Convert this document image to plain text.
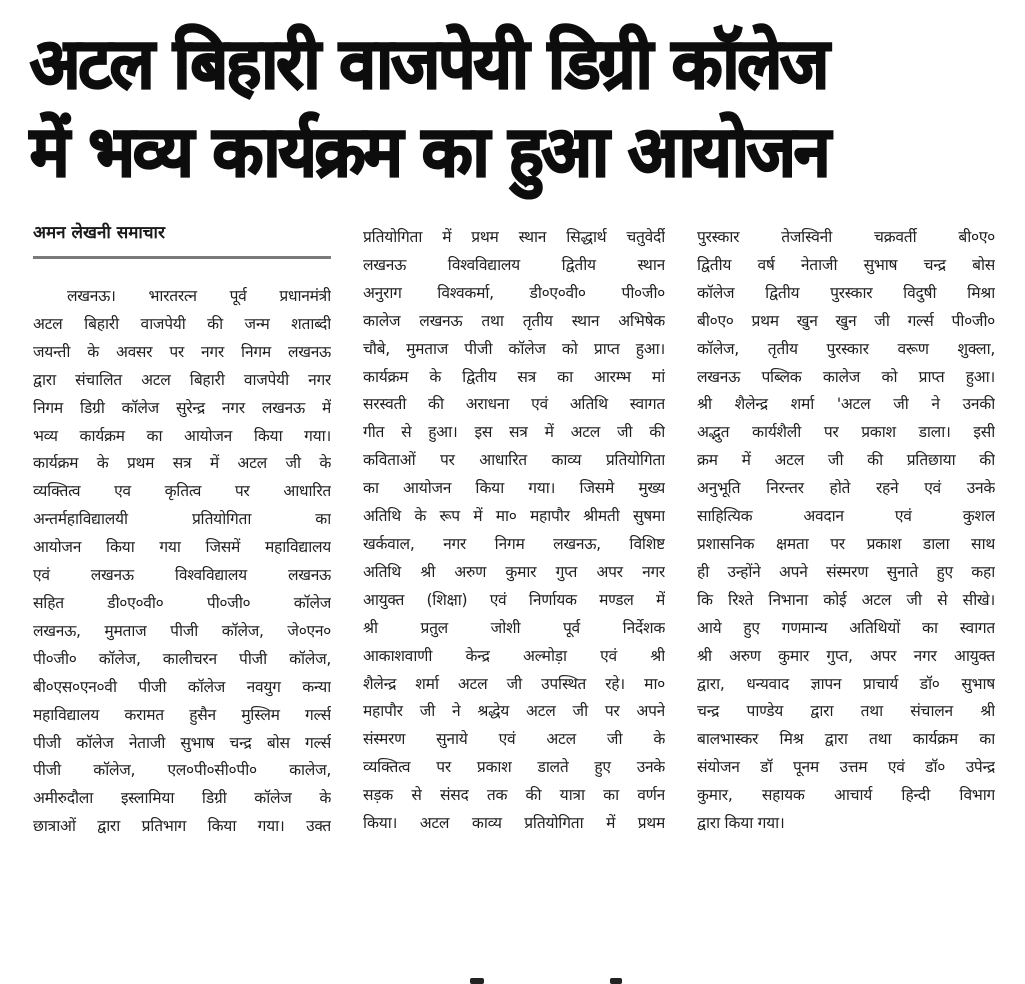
अटल बिहारी वाजपेयी डिग्री कॉलेज
में भव्य कार्यक्रम का हुआ आयोजन
अमन लेखनी समाचार
लखनऊ। भारतरत्न पूर्व प्रधानमंत्री
अटल बिहारी वाजपेयी की जन्म शताब्दी
जयन्ती के अवसर पर नगर निगम लखनऊ
द्वारा संचालित अटल बिहारी वाजपेयी नगर
निगम डिग्री कॉलेज सुरेन्द्र नगर लखनऊ में
भव्य कार्यक्रम का आयोजन किया गया।
कार्यक्रम के प्रथम सत्र में अटल जी के
व्यक्तित्व एव कृतित्व पर आधारित
अन्तर्महाविद्यालयी प्रतियोगिता का
आयोजन किया गया जिसमें महाविद्यालय
एवं लखनऊ विश्वविद्यालय लखनऊ
सहित डी०ए०वी० पी०जी० कॉलेज
लखनऊ, मुमताज पीजी कॉलेज, जे०एन०
पी०जी० कॉलेज, कालीचरन पीजी कॉलेज,
बी०एस०एन०वी पीजी कॉलेज नवयुग कन्या
महाविद्यालय करामत हुसैन मुस्लिम गर्ल्स
पीजी कॉलेज नेताजी सुभाष चन्द्र बोस गर्ल्स
पीजी कॉलेज, एल०पी०सी०पी० कालेज,
अमीरुदौला इस्लामिया डिग्री कॉलेज के
छात्राओं द्वारा प्रतिभाग किया गया। उक्त
प्रतियोगिता में प्रथम स्थान सिद्धार्थ चतुवेर्दी
लखनऊ विश्वविद्यालय द्वितीय स्थान
अनुराग विश्वकर्मा, डी०ए०वी० पी०जी०
कालेज लखनऊ तथा तृतीय स्थान अभिषेक
चौबे, मुमताज पीजी कॉलेज को प्राप्त हुआ।
कार्यक्रम के द्वितीय सत्र का आरम्भ मां
सरस्वती की अराधना एवं अतिथि स्वागत
गीत से हुआ। इस सत्र में अटल जी की
कविताओं पर आधारित काव्य प्रतियोगिता
का आयोजन किया गया। जिसमे मुख्य
अतिथि के रूप में मा० महापौर श्रीमती सुषमा
खर्कवाल, नगर निगम लखनऊ, विशिष्ट
अतिथि श्री अरुण कुमार गुप्त अपर नगर
आयुक्त (शिक्षा) एवं निर्णायक मण्डल में
श्री प्रतुल जोशी पूर्व निर्देशक
आकाशवाणी केन्द्र अल्मोड़ा एवं श्री
शैलेन्द्र शर्मा अटल जी उपस्थित रहे। मा०
महापौर जी ने श्रद्धेय अटल जी पर अपने
संस्मरण सुनाये एवं अटल जी के
व्यक्तित्व पर प्रकाश डालते हुए उनके
सड़क से संसद तक की यात्रा का वर्णन
किया। अटल काव्य प्रतियोगिता में प्रथम
पुरस्कार तेजस्विनी चक्रवर्ती बी०ए०
द्वितीय वर्ष नेताजी सुभाष चन्द्र बोस
कॉलेज द्वितीय पुरस्कार विदुषी मिश्रा
बी०ए० प्रथम खुन खुन जी गर्ल्स पी०जी०
कॉलेज, तृतीय पुरस्कार वरूण शुक्ला,
लखनऊ पब्लिक कालेज को प्राप्त हुआ।
श्री शैलेन्द्र शर्मा 'अटल जी ने उनकी
अद्भुत कार्यशैली पर प्रकाश डाला। इसी
क्रम में अटल जी की प्रतिछाया की
अनुभूति निरन्तर होते रहने एवं उनके
साहित्यिक अवदान एवं कुशल
प्रशासनिक क्षमता पर प्रकाश डाला साथ
ही उन्होंने अपने संस्मरण सुनाते हुए कहा
कि रिश्ते निभाना कोई अटल जी से सीखे।
आये हुए गणमान्य अतिथियों का स्वागत
श्री अरुण कुमार गुप्त, अपर नगर आयुक्त
द्वारा, धन्यवाद ज्ञापन प्राचार्य डॉ० सुभाष
चन्द्र पाण्डेय द्वारा तथा संचालन श्री
बालभास्कर मिश्र द्वारा तथा कार्यक्रम का
संयोजन डॉ पूनम उत्तम एवं डॉ० उपेन्द्र
कुमार, सहायक आचार्य हिन्दी विभाग
द्वारा किया गया।
